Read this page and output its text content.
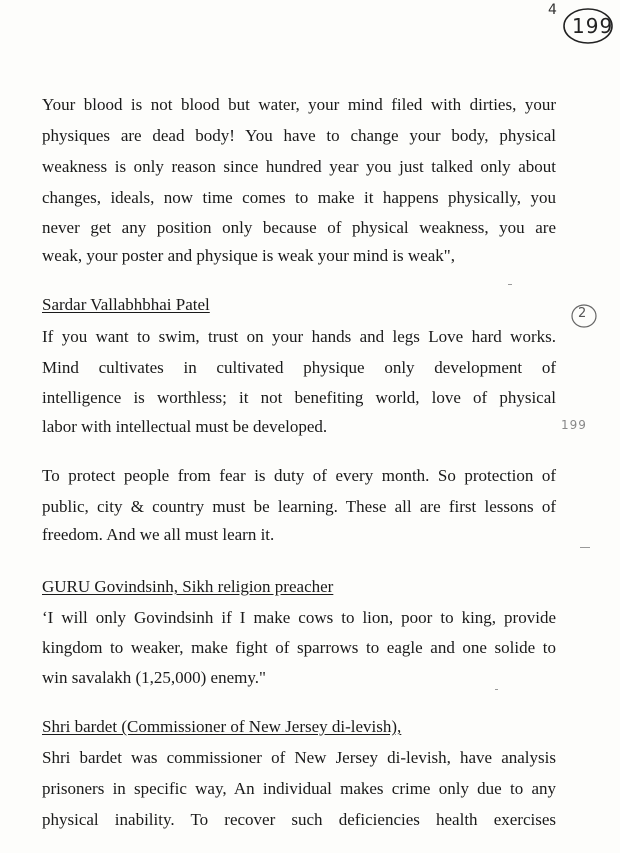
4
199
2
199
Your blood is not blood but water, your mind filed with dirties, your
physiques are dead body! You have to change your body, physical
weakness is only reason since hundred year you just talked only about
changes, ideals, now time comes to make it happens physically, you
never get any position only because of physical weakness, you are
weak, your poster and physique is weak your mind is weak",
Sardar Vallabhbhai Patel
If you want to swim, trust on your hands and legs Love hard works.
Mind cultivates in cultivated physique only development of
intelligence is worthless; it not benefiting world, love of physical
labor with intellectual must be developed.
To protect people from fear is duty of every month. So protection of
public, city & country must be learning. These all are first lessons of
freedom. And we all must learn it.
GURU Govindsinh, Sikh religion preacher
‘I will only Govindsinh if I make cows to lion, poor to king, provide
kingdom to weaker, make fight of sparrows to eagle and one solide to
win savalakh (1,25,000) enemy."
Shri bardet (Commissioner of New Jersey di-levish),
Shri bardet was commissioner of New Jersey di-levish, have analysis
prisoners in specific way, An individual makes crime only due to any
physical inability. To recover such deficiencies health exercises
